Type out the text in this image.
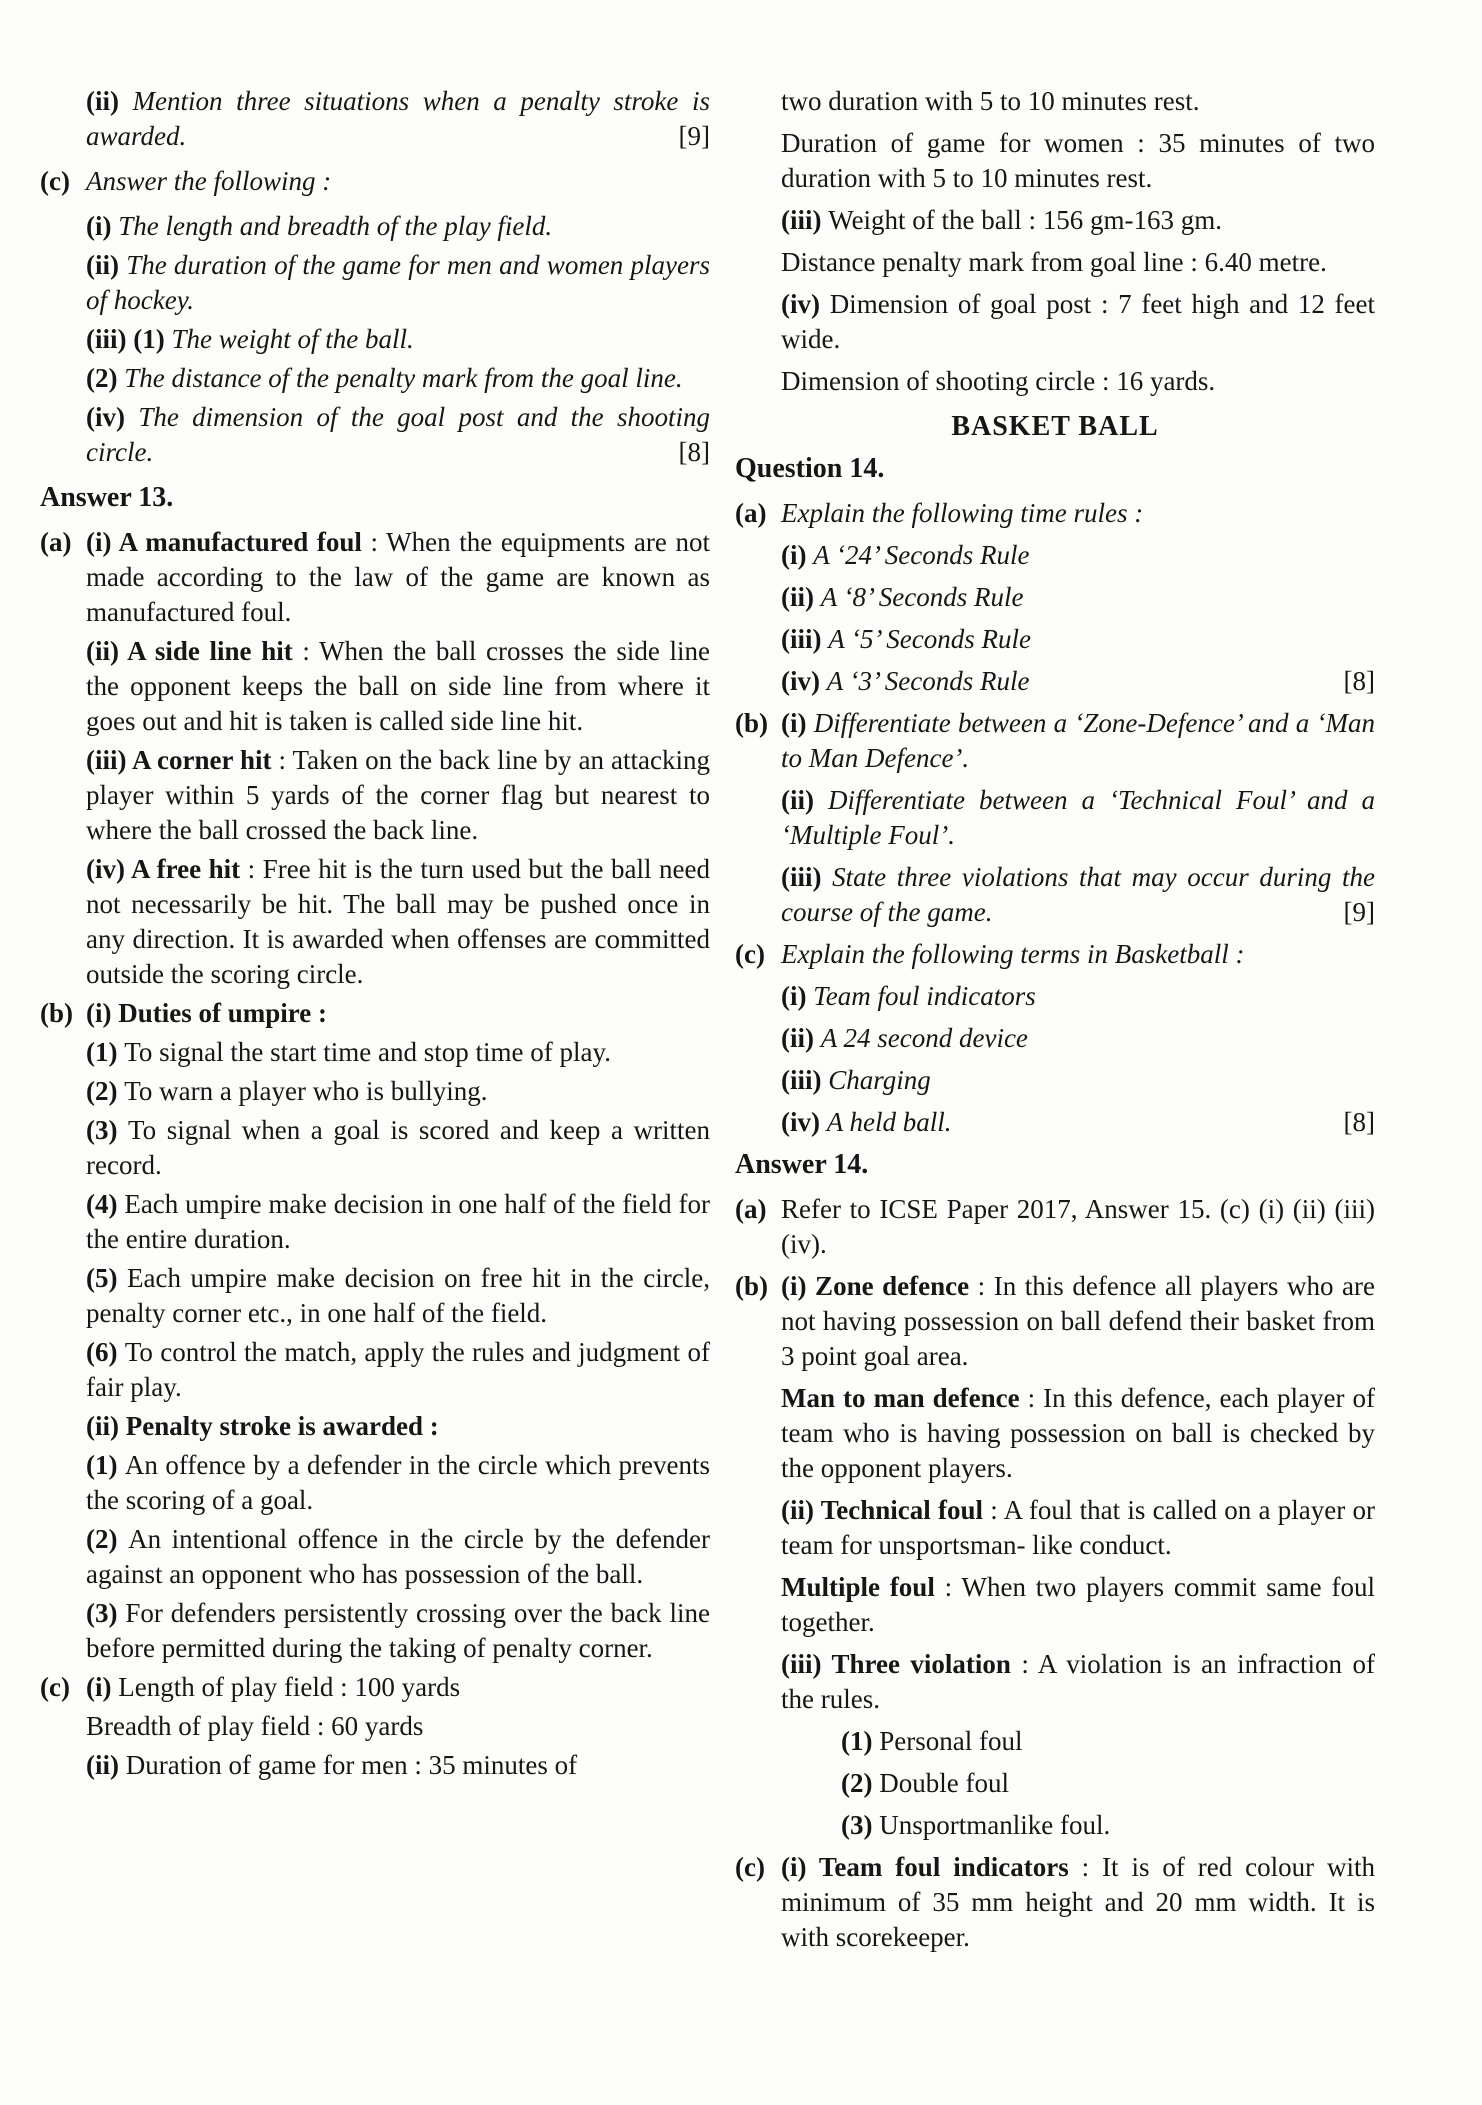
(ii) Mention three situations when a penalty stroke is awarded.	[9]
(c) Answer the following :
(i) The length and breadth of the play field.
(ii) The duration of the game for men and women players of hockey.
(iii) (1) The weight of the ball.
(2) The distance of the penalty mark from the goal line.
(iv) The dimension of the goal post and the shooting circle.	[8]
Answer 13.
(a) (i) A manufactured foul : When the equipments are not made according to the law of the game are known as manufactured foul.
(ii) A side line hit : When the ball crosses the side line the opponent keeps the ball on side line from where it goes out and hit is taken is called side line hit.
(iii) A corner hit : Taken on the back line by an attacking player within 5 yards of the corner flag but nearest to where the ball crossed the back line.
(iv) A free hit : Free hit is the turn used but the ball need not necessarily be hit. The ball may be pushed once in any direction. It is awarded when offenses are committed outside the scoring circle.
(b) (i) Duties of umpire :
(1) To signal the start time and stop time of play.
(2) To warn a player who is bullying.
(3) To signal when a goal is scored and keep a written record.
(4) Each umpire make decision in one half of the field for the entire duration.
(5) Each umpire make decision on free hit in the circle, penalty corner etc., in one half of the field.
(6) To control the match, apply the rules and judgment of fair play.
(ii) Penalty stroke is awarded :
(1) An offence by a defender in the circle which prevents the scoring of a goal.
(2) An intentional offence in the circle by the defender against an opponent who has possession of the ball.
(3) For defenders persistently crossing over the back line before permitted during the taking of penalty corner.
(c) (i) Length of play field : 100 yards
Breadth of play field : 60 yards
(ii) Duration of game for men : 35 minutes of
two duration with 5 to 10 minutes rest.
Duration of game for women : 35 minutes of two duration with 5 to 10 minutes rest.
(iii) Weight of the ball : 156 gm-163 gm.
Distance penalty mark from goal line : 6.40 metre.
(iv) Dimension of goal post : 7 feet high and 12 feet wide.
Dimension of shooting circle : 16 yards.
BASKET BALL
Question 14.
(a) Explain the following time rules :
(i) A ‘24’ Seconds Rule
(ii) A ‘8’ Seconds Rule
(iii) A ‘5’ Seconds Rule
(iv) A ‘3’ Seconds Rule	[8]
(b) (i) Differentiate between a ‘Zone-Defence’ and a ‘Man to Man Defence’.
(ii) Differentiate between a ‘Technical Foul’ and a ‘Multiple Foul’.
(iii) State three violations that may occur during the course of the game.	[9]
(c) Explain the following terms in Basketball :
(i) Team foul indicators
(ii) A 24 second device
(iii) Charging
(iv) A held ball.	[8]
Answer 14.
(a) Refer to ICSE Paper 2017, Answer 15. (c) (i) (ii) (iii) (iv).
(b) (i) Zone defence : In this defence all players who are not having possession on ball defend their basket from 3 point goal area.
Man to man defence : In this defence, each player of team who is having possession on ball is checked by the opponent players.
(ii) Technical foul : A foul that is called on a player or team for unsportsman- like conduct.
Multiple foul : When two players commit same foul together.
(iii) Three violation : A violation is an infraction of the rules.
(1) Personal foul
(2) Double foul
(3) Unsportmanlike foul.
(c) (i) Team foul indicators : It is of red colour with minimum of 35 mm height and 20 mm width. It is with scorekeeper.
